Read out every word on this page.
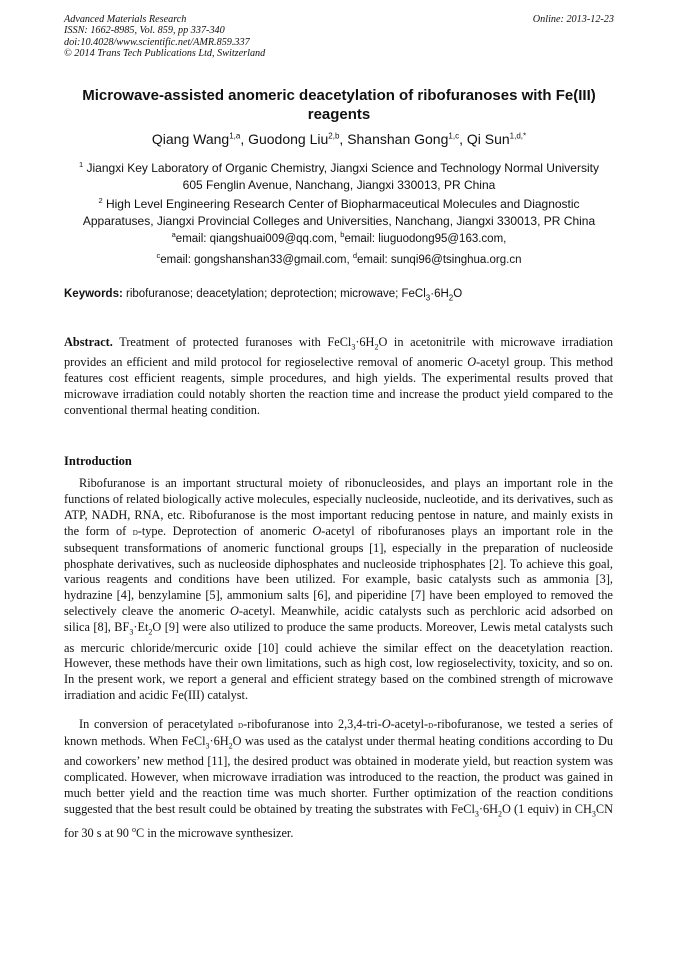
Advanced Materials Research
ISSN: 1662-8985, Vol. 859, pp 337-340
doi:10.4028/www.scientific.net/AMR.859.337
© 2014 Trans Tech Publications Ltd, Switzerland
Online: 2013-12-23
Microwave-assisted anomeric deacetylation of ribofuranoses with Fe(III) reagents
Qiang Wang$^{1,a}$, Guodong Liu$^{2,b}$, Shanshan Gong$^{1,c}$, Qi Sun$^{1,d,*}$
$^1$ Jiangxi Key Laboratory of Organic Chemistry, Jiangxi Science and Technology Normal University
605 Fenglin Avenue, Nanchang, Jiangxi 330013, PR China
$^2$ High Level Engineering Research Center of Biopharmaceutical Molecules and Diagnostic
Apparatuses, Jiangxi Provincial Colleges and Universities, Nanchang, Jiangxi 330013, PR China
$^a$email: qiangshuai009@qq.com, $^b$email: liuguodong95@163.com,
$^c$email: gongshanshan33@gmail.com, $^d$email: sunqi96@tsinghua.org.cn
Keywords: ribofuranose; deacetylation; deprotection; microwave; $FeCl_3\cdot 6H_2O$
Abstract. Treatment of protected furanoses with $FeCl_3\cdot 6H_2O$ in acetonitrile with microwave irradiation provides an efficient and mild protocol for regioselective removal of anomeric O-acetyl group. This method features cost efficient reagents, simple procedures, and high yields. The experimental results proved that microwave irradiation could notably shorten the reaction time and increase the product yield compared to the conventional thermal heating condition.
Introduction
Ribofuranose is an important structural moiety of ribonucleosides, and plays an important role in the functions of related biologically active molecules, especially nucleoside, nucleotide, and its derivatives, such as ATP, NADH, RNA, etc. Ribofuranose is the most important reducing pentose in nature, and mainly exists in the form of d-type. Deprotection of anomeric O-acetyl of ribofuranoses plays an important role in the subsequent transformations of anomeric functional groups [1], especially in the preparation of nucleoside phosphate derivatives, such as nucleoside diphosphates and nucleoside triphosphates [2]. To achieve this goal, various reagents and conditions have been utilized. For example, basic catalysts such as ammonia [3], hydrazine [4], benzylamine [5], ammonium salts [6], and piperidine [7] have been employed to removed the selectively cleave the anomeric O-acetyl. Meanwhile, acidic catalysts such as perchloric acid adsorbed on silica [8], $BF_3\cdot Et_2O$ [9] were also utilized to produce the same products. Moreover, Lewis metal catalysts such as mercuric chloride/mercuric oxide [10] could achieve the similar effect on the deacetylation reaction. However, these methods have their own limitations, such as high cost, low regioselectivity, toxicity, and so on. In the present work, we report a general and efficient strategy based on the combined strength of microwave irradiation and acidic Fe(III) catalyst.
In conversion of peracetylated d-ribofuranose into 2,3,4-tri-O-acetyl-d-ribofuranose, we tested a series of known methods. When $FeCl_3\cdot 6H_2O$ was used as the catalyst under thermal heating conditions according to Du and coworkers’ new method [11], the desired product was obtained in moderate yield, but reaction system was complicated. However, when microwave irradiation was introduced to the reaction, the product was gained in much better yield and the reaction time was much shorter. Further optimization of the reaction conditions suggested that the best result could be obtained by treating the substrates with $FeCl_3\cdot 6H_2O$ (1 equiv) in $CH_3CN$ for 30 s at 90 $^o$C in the microwave synthesizer.
